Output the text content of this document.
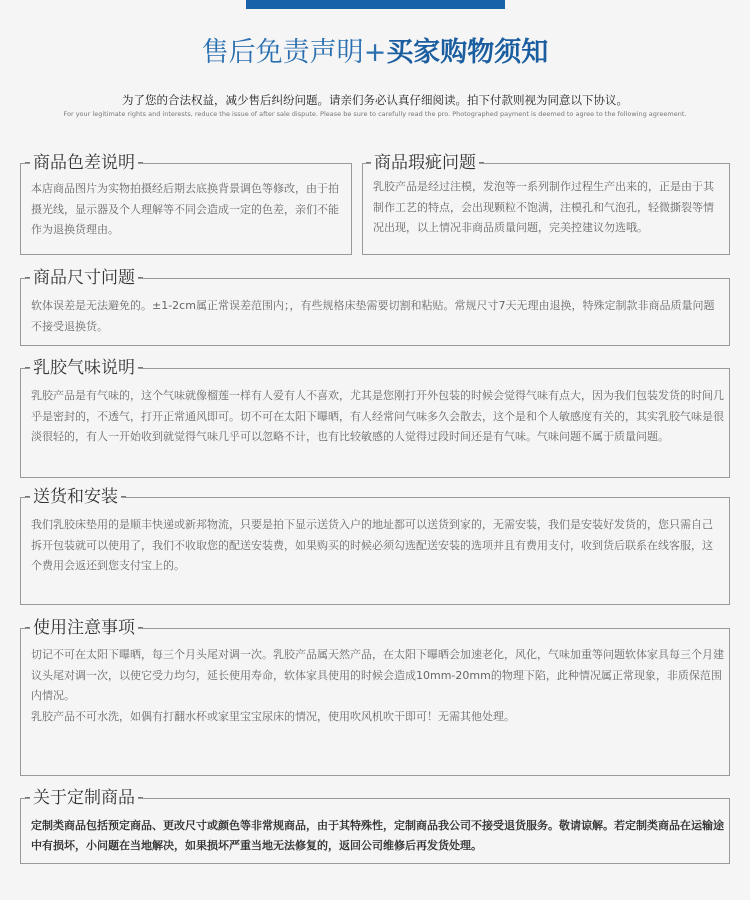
售后免责声明+买家购物须知
为了您的合法权益，减少售后纠纷问题。请亲们务必认真仔细阅读。拍下付款则视为同意以下协议。
For your legitimate rights and interests, reduce the issue of after sale dispute. Please be sure to carefully read the pro. Photographed payment is deemed to agree to the following agreement.
商品色差说明

本店商品图片为实物拍摄经后期去底换背景调色等修改，由于拍摄光线，显示器及个人理解等不同会造成一定的色差，亲们不能作为退换货理由。

商品瑕疵问题

乳胶产品是经过注模，发泡等一系列制作过程生产出来的，正是由于其制作工艺的特点，会出现颗粒不饱满，注模孔和气泡孔，轻微撕裂等情况出现，以上情况非商品质量问题，完美控建议勿选哦。

商品尺寸问题

软体误差是无法避免的。±1-2cm属正常误差范围内；，有些规格床垫需要切割和粘贴。常规尺寸7天无理由退换，特殊定制款非商品质量问题不接受退换货。

乳胶气味说明

乳胶产品是有气味的，这个气味就像榴莲一样有人爱有人不喜欢，尤其是您刚打开外包装的时候会觉得气味有点大，因为我们包装发货的时间几乎是密封的，不透气，打开正常通风即可。切不可在太阳下曝晒，有人经常问气味多久会散去，这个是和个人敏感度有关的，其实乳胶气味是很淡很轻的，有人一开始收到就觉得气味几乎可以忽略不计，也有比较敏感的人觉得过段时间还是有气味。气味问题不属于质量问题。

送货和安装

我们乳胶床垫用的是顺丰快递或新邦物流，只要是拍下显示送货入户的地址都可以送货到家的，无需安装，我们是安装好发货的，您只需自己拆开包装就可以使用了，我们不收取您的配送安装费，如果购买的时候必须勾选配送安装的选项并且有费用支付，收到货后联系在线客服，这个费用会返还到您支付宝上的。

使用注意事项

切记不可在太阳下曝晒，每三个月头尾对调一次。乳胶产品属天然产品，在太阳下曝晒会加速老化，风化，气味加重等问题软体家具每三个月建议头尾对调一次，以使它受力均匀，延长使用寿命，软体家具使用的时候会造成10mm-20mm的物理下陷，此种情况属正常现象，非质保范围内情况。

乳胶产品不可水洗，如偶有打翻水杯或家里宝宝尿床的情况，使用吹风机吹干即可！无需其他处理。

关于定制商品

定制类商品包括预定商品、更改尺寸或颜色等非常规商品，由于其特殊性，定制商品我公司不接受退货服务。敬请谅解。若定制类商品在运输途中有损坏，小问题在当地解决，如果损坏严重当地无法修复的，返回公司维修后再发货处理。
